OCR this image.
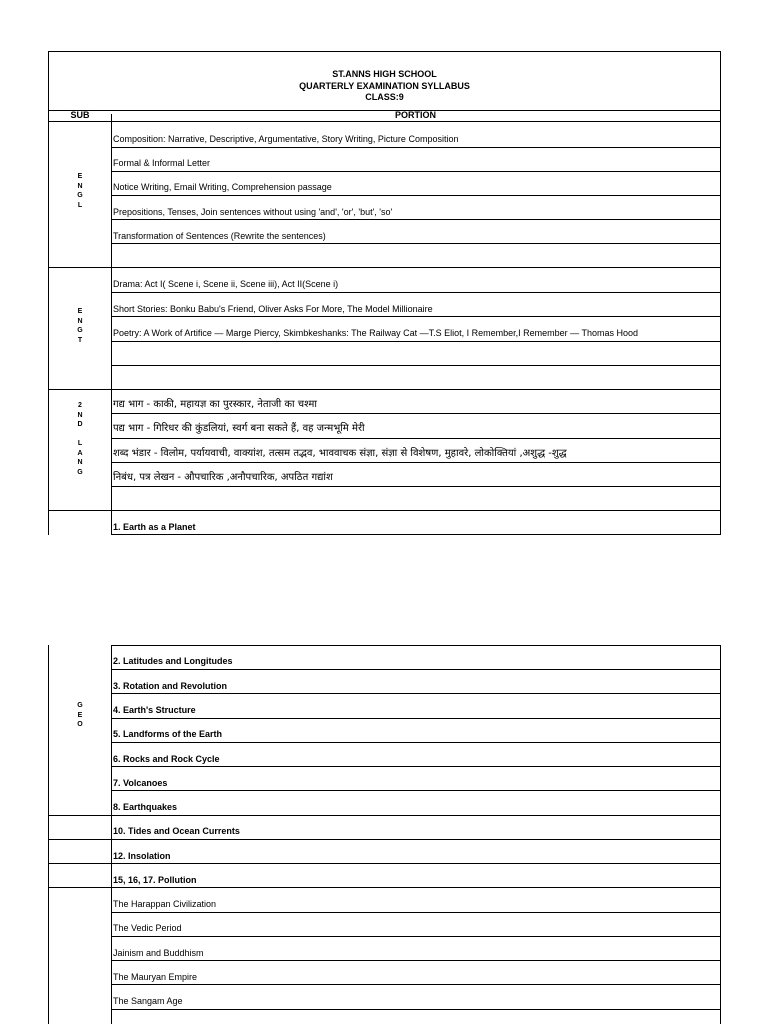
ST.ANNS HIGH SCHOOL
QUARTERLY EXAMINATION SYLLABUS
CLASS:9
SUB	PORTION
E
N
G
L
Composition: Narrative, Descriptive, Argumentative, Story Writing, Picture Composition
Formal & Informal Letter
Notice Writing, Email Writing, Comprehension passage
Prepositions, Tenses, Join sentences without using 'and', 'or', 'but', 'so'
Transformation of Sentences (Rewrite the sentences)
E
N
G
T
Drama: Act I( Scene i, Scene ii, Scene iii), Act II(Scene i)
Short Stories: Bonku Babu's Friend, Oliver Asks For More, The Model Millionaire
Poetry: A Work of Artifice — Marge Piercy, Skimbkeshanks: The Railway Cat —T.S Eliot, I Remember,I Remember — Thomas Hood
2
N
D

L
A
N
G
गद्य भाग - काकी, महायज्ञ का पुरस्कार, नेताजी का चश्मा
पद्य भाग - गिरिधर की कुंडलियां, स्वर्ग बना सकते हैं, वह जन्मभूमि मेरी
शब्द भंडार - विलोम, पर्यायवाची, वाक्यांश, तत्सम तद्भव, भाववाचक संज्ञा, संज्ञा से विशेषण, मुहावरे, लोकोक्तियां ,अशुद्ध -शुद्ध
निबंध, पत्र लेखन - औपचारिक ,अनौपचारिक, अपठित गद्यांश
1. Earth as a Planet
G
E
O
2. Latitudes and Longitudes
3. Rotation and Revolution
4. Earth's Structure
5. Landforms of the Earth
6. Rocks and Rock Cycle
7. Volcanoes
8. Earthquakes
10. Tides and Ocean Currents
12. Insolation
15, 16, 17. Pollution
The Harappan Civilization
The Vedic Period
Jainism and Buddhism
The Mauryan Empire
The Sangam Age
